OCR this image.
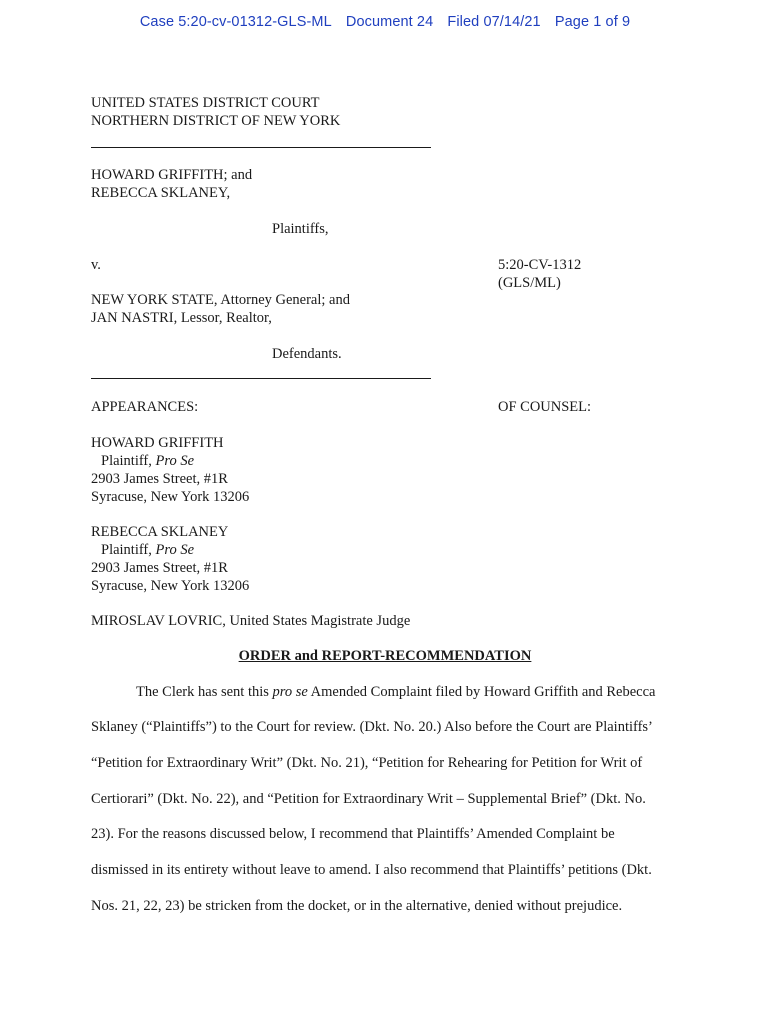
Case 5:20-cv-01312-GLS-ML Document 24 Filed 07/14/21 Page 1 of 9
UNITED STATES DISTRICT COURT
NORTHERN DISTRICT OF NEW YORK
HOWARD GRIFFITH; and
REBECCA SKLANEY,
Plaintiffs,
v.	5:20-CV-1312
(GLS/ML)
NEW YORK STATE, Attorney General; and
JAN NASTRI, Lessor, Realtor,
Defendants.
APPEARANCES:	OF COUNSEL:
HOWARD GRIFFITH
Plaintiff, Pro Se
2903 James Street, #1R
Syracuse, New York 13206
REBECCA SKLANEY
Plaintiff, Pro Se
2903 James Street, #1R
Syracuse, New York 13206
MIROSLAV LOVRIC, United States Magistrate Judge
ORDER and REPORT-RECOMMENDATION
The Clerk has sent this pro se Amended Complaint filed by Howard Griffith and Rebecca
Sklaney (“Plaintiffs”) to the Court for review. (Dkt. No. 20.) Also before the Court are Plaintiffs’
“Petition for Extraordinary Writ” (Dkt. No. 21), “Petition for Rehearing for Petition for Writ of
Certiorari” (Dkt. No. 22), and “Petition for Extraordinary Writ – Supplemental Brief” (Dkt. No.
23). For the reasons discussed below, I recommend that Plaintiffs’ Amended Complaint be
dismissed in its entirety without leave to amend. I also recommend that Plaintiffs’ petitions (Dkt.
Nos. 21, 22, 23) be stricken from the docket, or in the alternative, denied without prejudice.
